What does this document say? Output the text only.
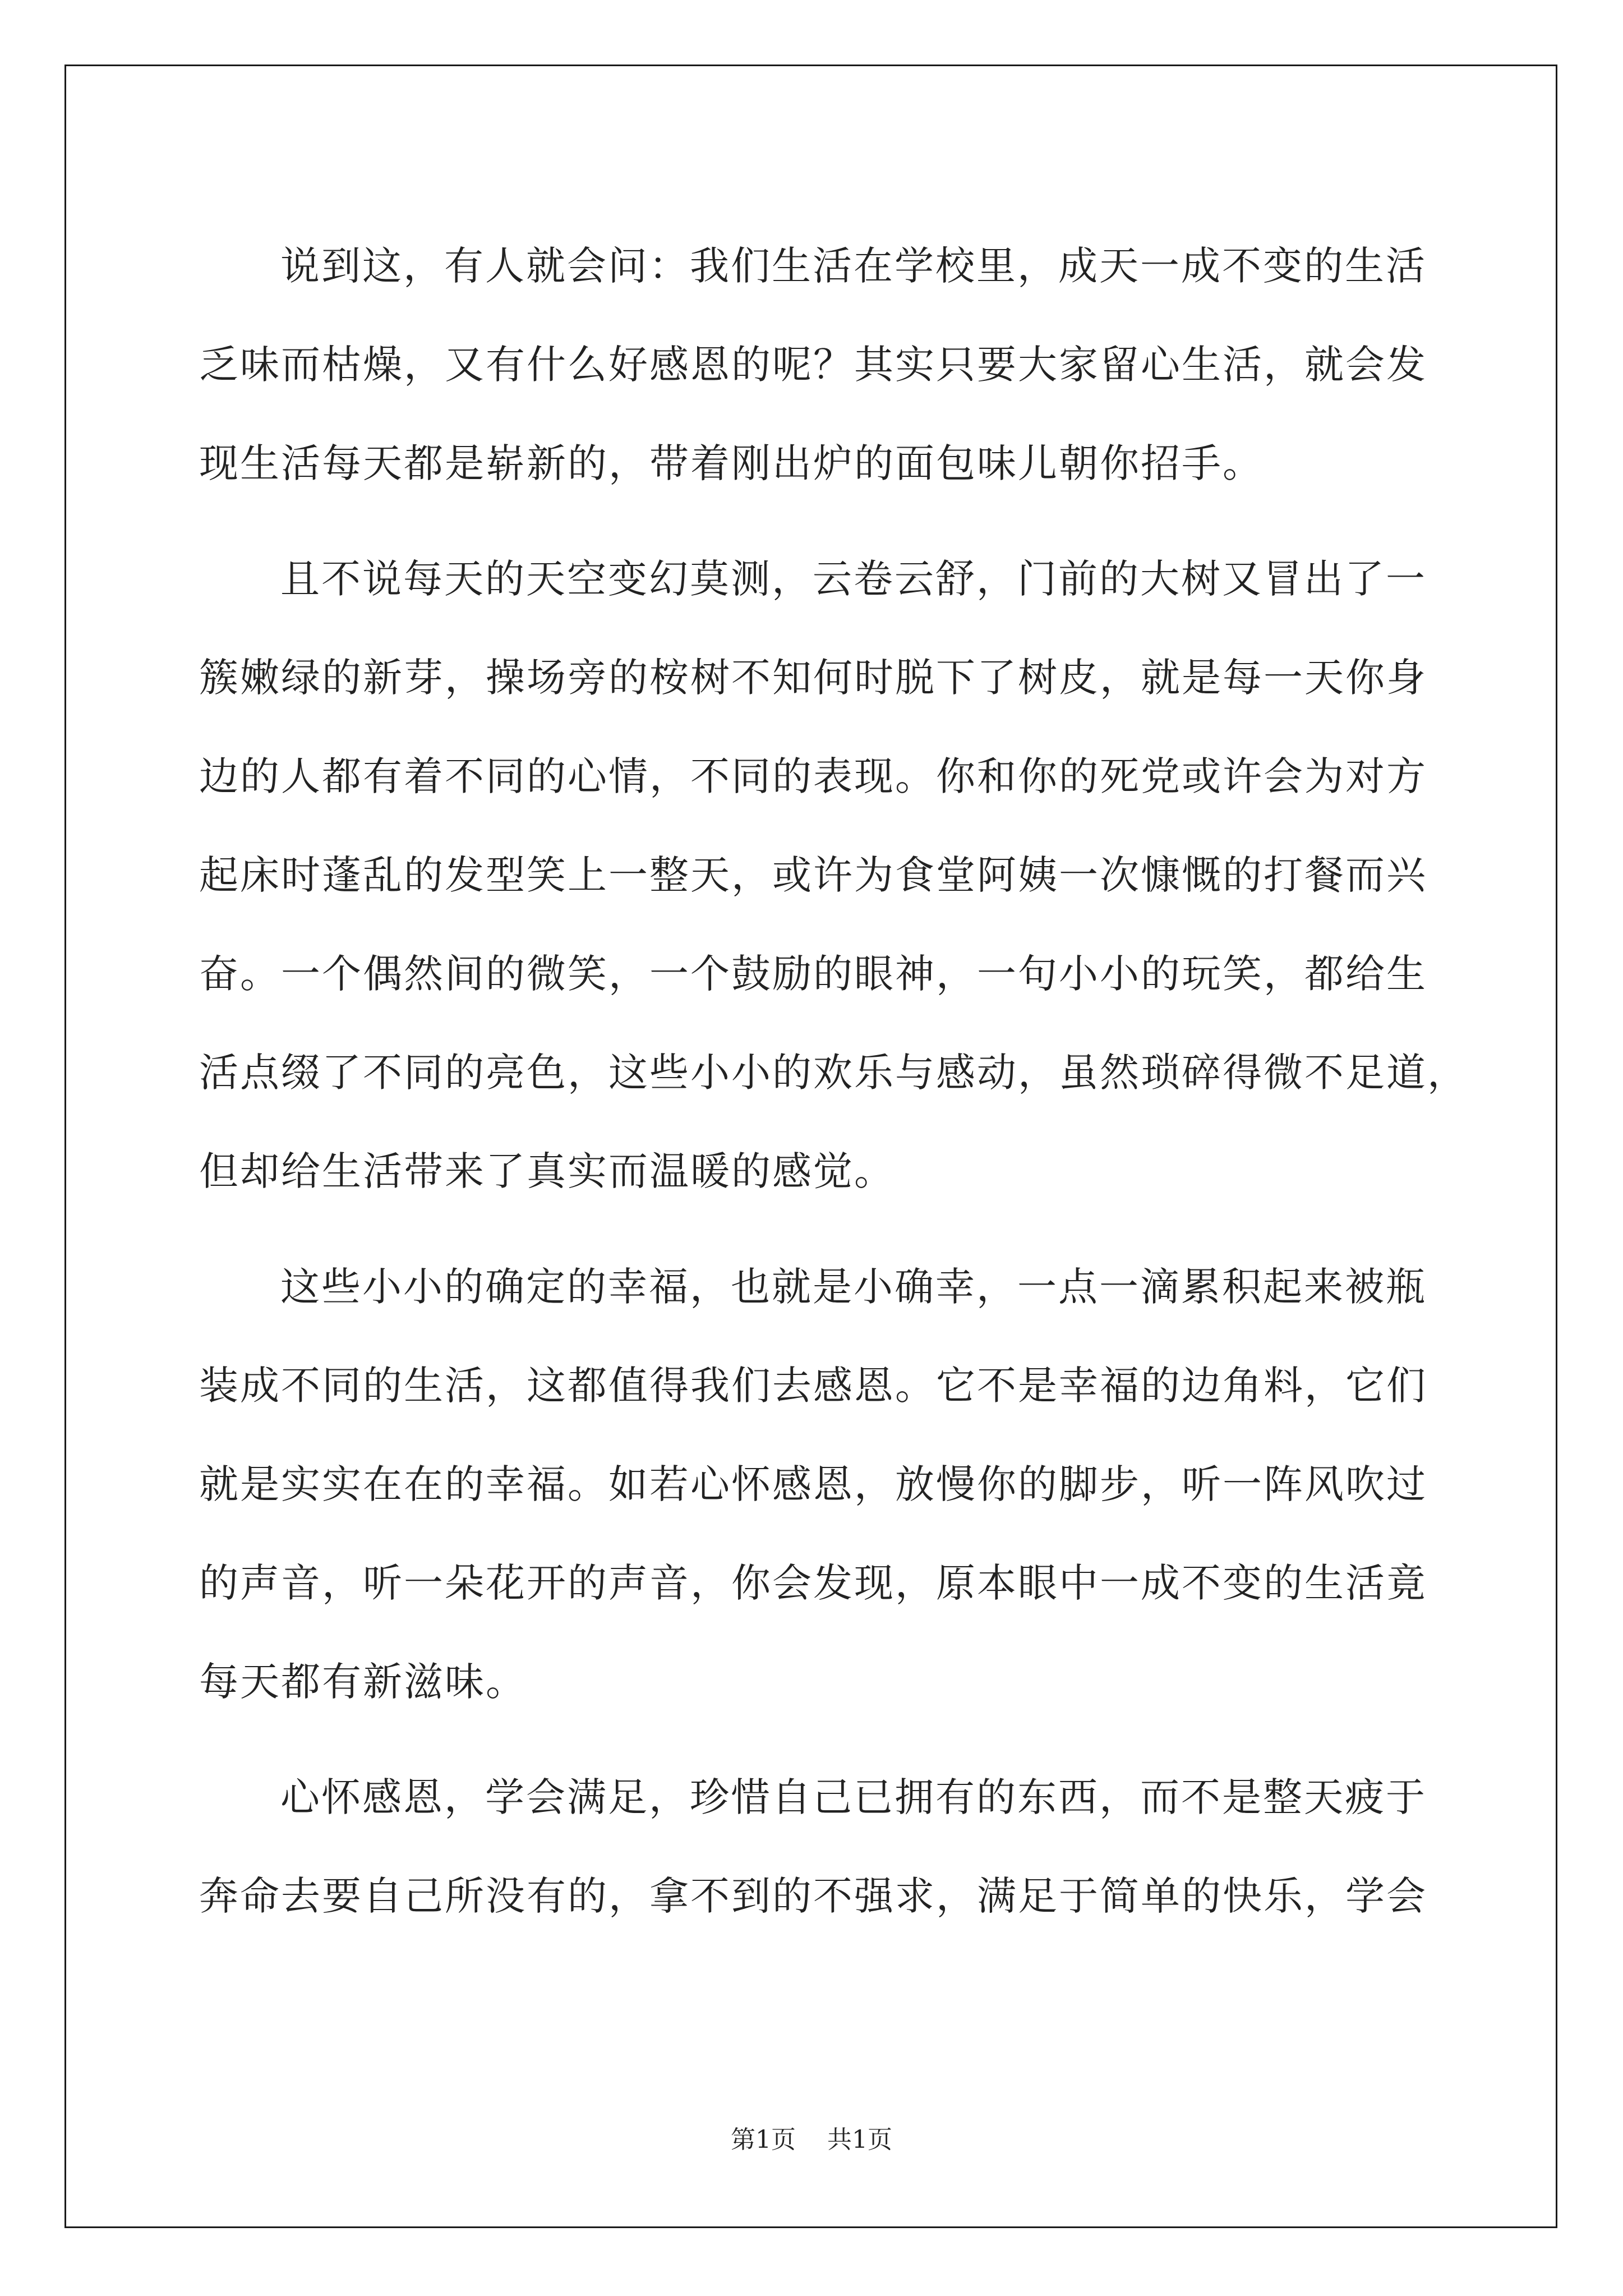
说到这，有人就会问：我们生活在学校里，成天一成不变的生活
乏味而枯燥，又有什么好感恩的呢？其实只要大家留心生活，就会发
现生活每天都是崭新的，带着刚出炉的面包味儿朝你招手。
且不说每天的天空变幻莫测，云卷云舒，门前的大树又冒出了一
簇嫩绿的新芽，操场旁的桉树不知何时脱下了树皮，就是每一天你身
边的人都有着不同的心情，不同的表现。你和你的死党或许会为对方
起床时蓬乱的发型笑上一整天，或许为食堂阿姨一次慷慨的打餐而兴
奋。一个偶然间的微笑，一个鼓励的眼神，一句小小的玩笑，都给生
活点缀了不同的亮色，这些小小的欢乐与感动，虽然琐碎得微不足道，
但却给生活带来了真实而温暖的感觉。
这些小小的确定的幸福，也就是小确幸，一点一滴累积起来被瓶
装成不同的生活，这都值得我们去感恩。它不是幸福的边角料，它们
就是实实在在的幸福。如若心怀感恩，放慢你的脚步，听一阵风吹过
的声音，听一朵花开的声音，你会发现，原本眼中一成不变的生活竟
每天都有新滋味。
心怀感恩，学会满足，珍惜自己已拥有的东西，而不是整天疲于
奔命去要自己所没有的，拿不到的不强求，满足于简单的快乐，学会
第1页 共1页
